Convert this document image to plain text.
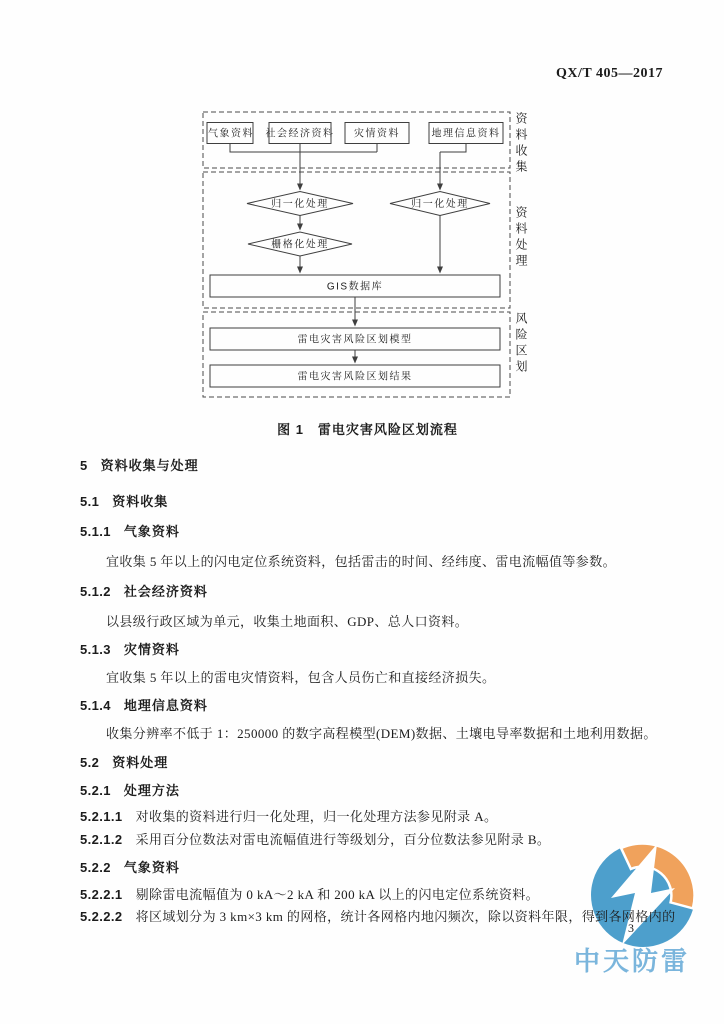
中天防雷
QX/T 405—2017
气象资料 社会经济资料 灾情资料	地理信息资料
归一化处理	归一化处理
栅格化处理
GIS数据库
雷电灾害风险区划模型
雷电灾害风险区划结果
资料收集
资料处理
风险区划
图 1　雷电灾害风险区划流程
5 资料收集与处理
5.1 资料收集
5.1.1 气象资料
宜收集 5 年以上的闪电定位系统资料，包括雷击的时间、经纬度、雷电流幅值等参数。
5.1.2 社会经济资料
以县级行政区域为单元，收集土地面积、GDP、总人口资料。
5.1.3 灾情资料
宜收集 5 年以上的雷电灾情资料，包含人员伤亡和直接经济损失。
5.1.4 地理信息资料
收集分辨率不低于 1：250000 的数字高程模型(DEM)数据、土壤电导率数据和土地利用数据。
5.2 资料处理
5.2.1 处理方法
5.2.1.1 对收集的资料进行归一化处理，归一化处理方法参见附录 A。
5.2.1.2 采用百分位数法对雷电流幅值进行等级划分，百分位数法参见附录 B。
5.2.2 气象资料
5.2.2.1 剔除雷电流幅值为 0 kA～2 kA 和 200 kA 以上的闪电定位系统资料。
5.2.2.2 将区域划分为 3 km×3 km 的网格，统计各网格内地闪频次，除以资料年限，得到各网格内的
3
